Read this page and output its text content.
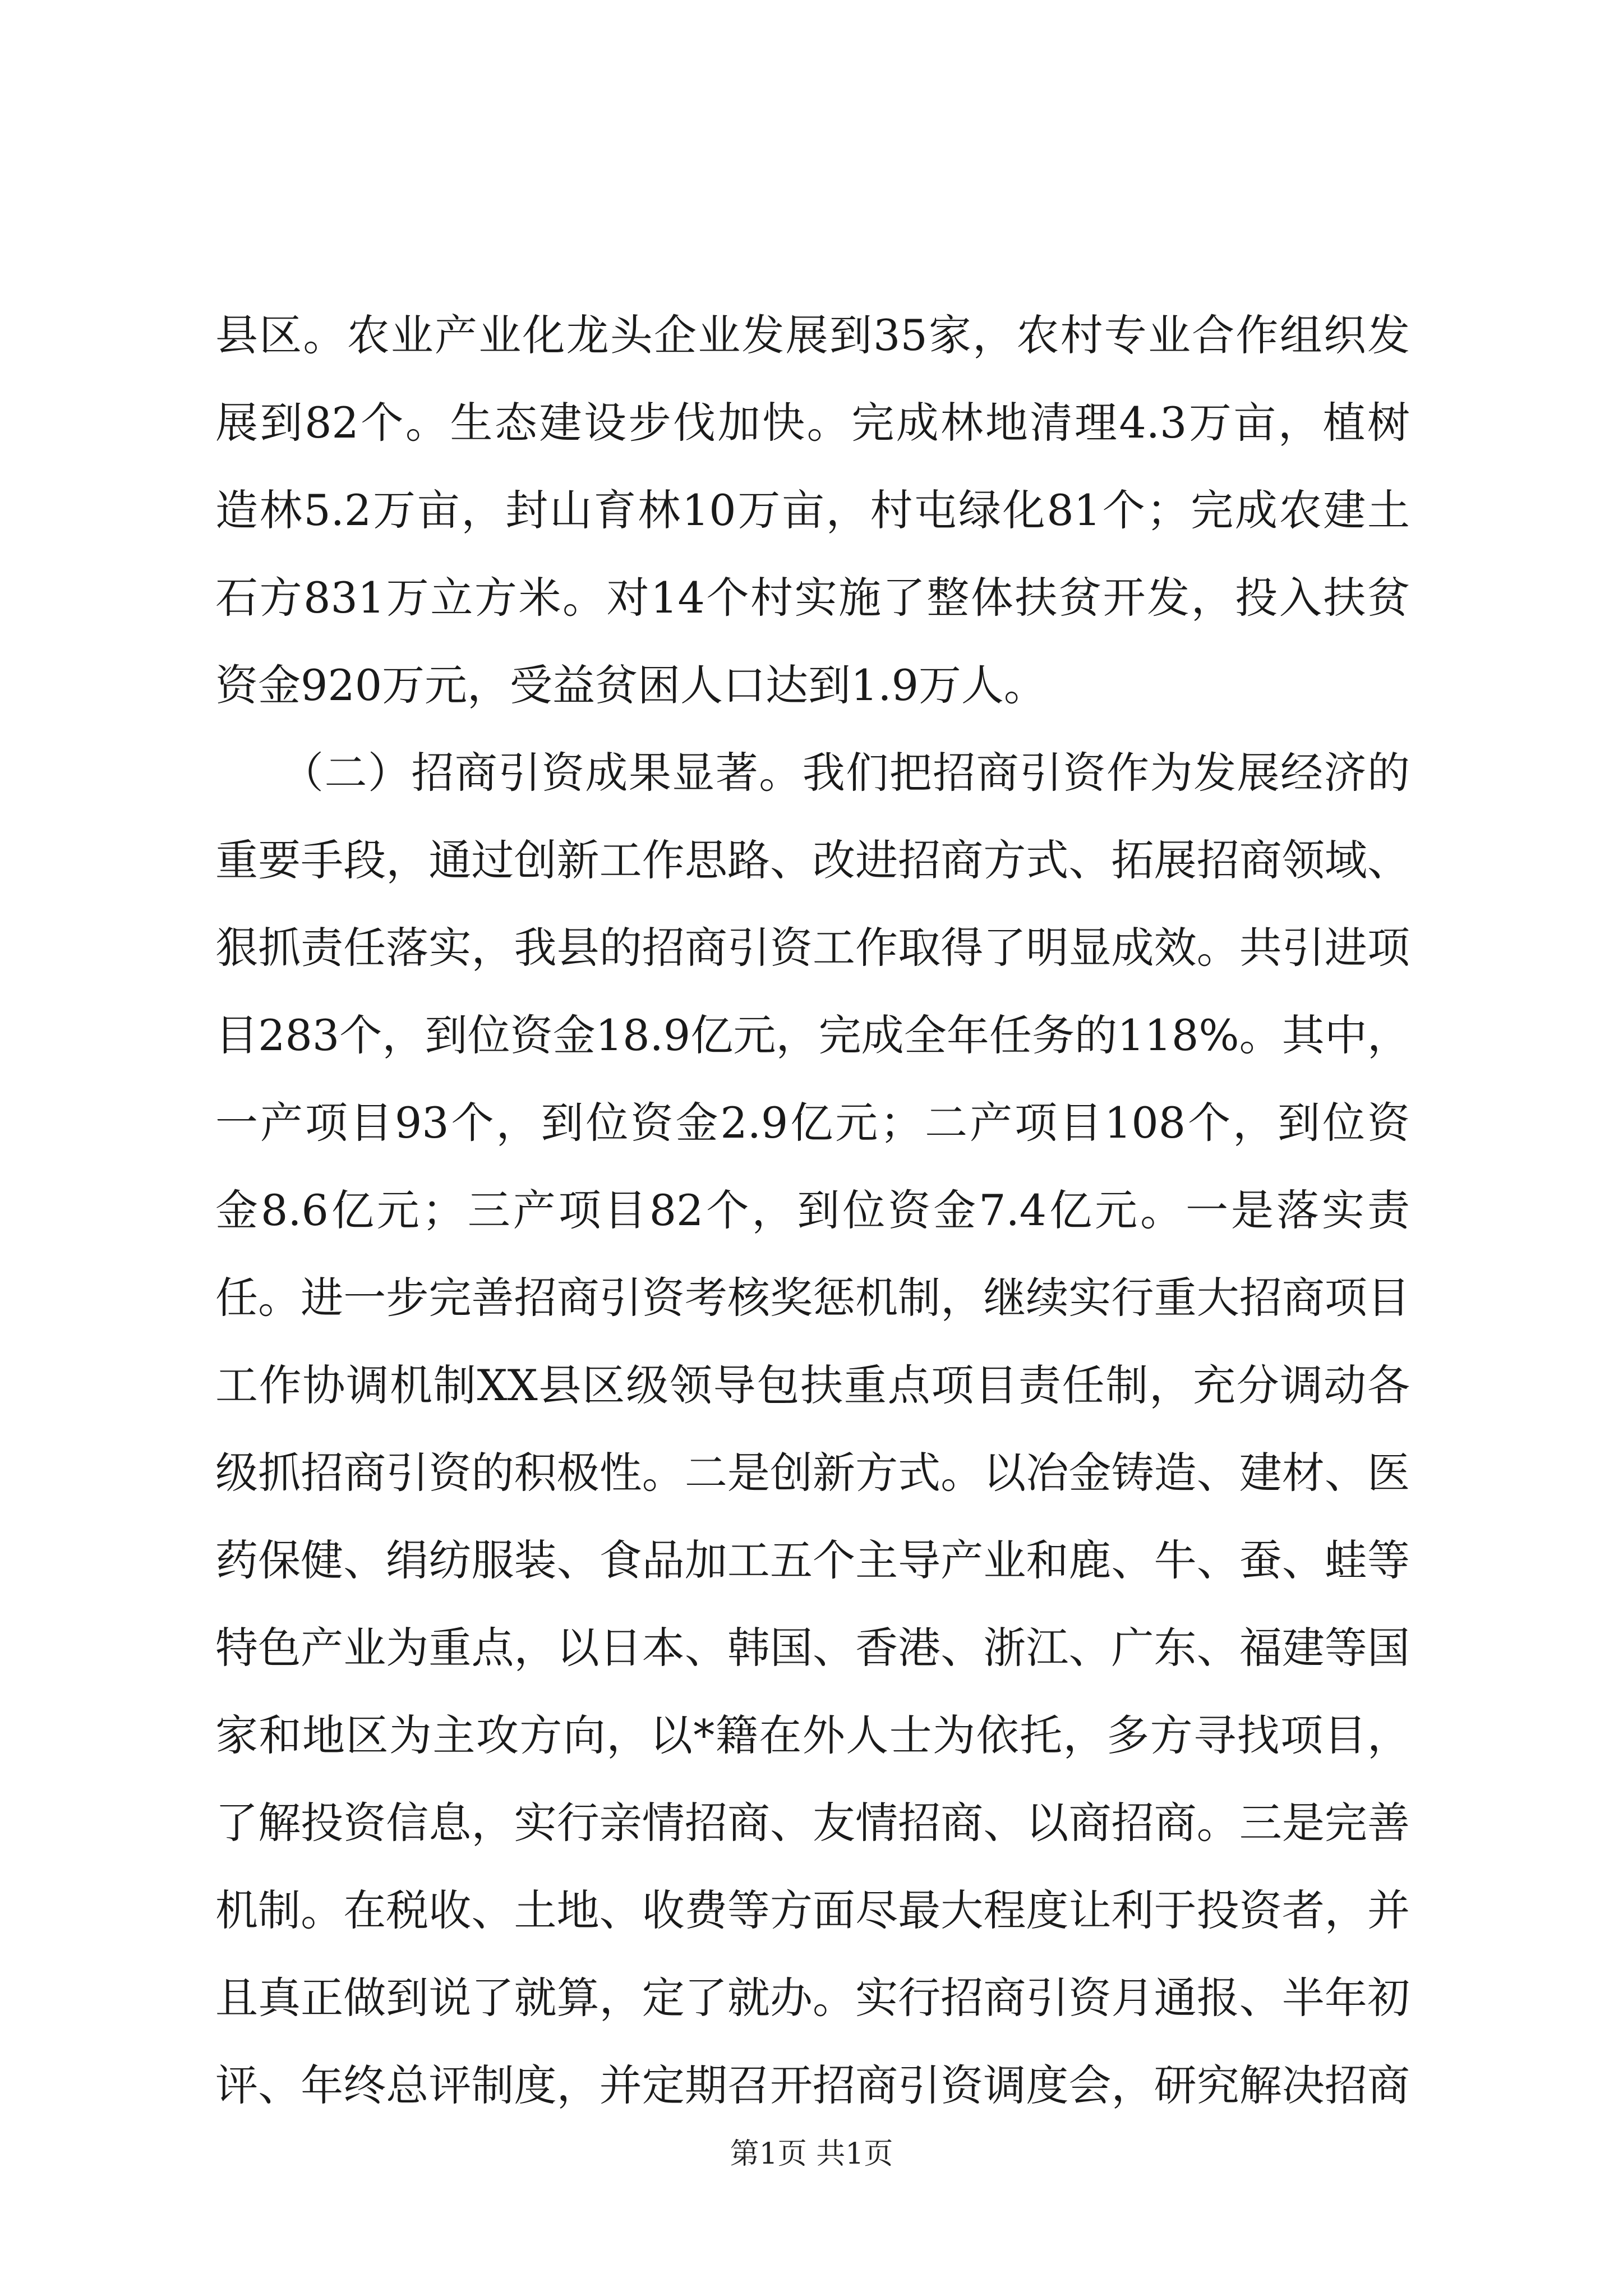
县区。农业产业化龙头企业发展到35家，农村专业合作组织发
展到82个。生态建设步伐加快。完成林地清理4.3万亩，植树
造林5.2万亩，封山育林10万亩，村屯绿化81个；完成农建土
石方831万立方米。对14个村实施了整体扶贫开发，投入扶贫
资金920万元，受益贫困人口达到1.9万人。
　　（二）招商引资成果显著。我们把招商引资作为发展经济的
重要手段，通过创新工作思路、改进招商方式、拓展招商领域、
狠抓责任落实，我县的招商引资工作取得了明显成效。共引进项
目283个，到位资金18.9亿元，完成全年任务的118%。其中，
一产项目93个，到位资金2.9亿元；二产项目108个，到位资
金8.6亿元；三产项目82个，到位资金7.4亿元。一是落实责
任。进一步完善招商引资考核奖惩机制，继续实行重大招商项目
工作协调机制XX县区级领导包扶重点项目责任制，充分调动各
级抓招商引资的积极性。二是创新方式。以冶金铸造、建材、医
药保健、绢纺服装、食品加工五个主导产业和鹿、牛、蚕、蛙等
特色产业为重点，以日本、韩国、香港、浙江、广东、福建等国
家和地区为主攻方向，以*籍在外人士为依托，多方寻找项目，
了解投资信息，实行亲情招商、友情招商、以商招商。三是完善
机制。在税收、土地、收费等方面尽最大程度让利于投资者，并
且真正做到说了就算，定了就办。实行招商引资月通报、半年初
评、年终总评制度，并定期召开招商引资调度会，研究解决招商
第1页 共1页
